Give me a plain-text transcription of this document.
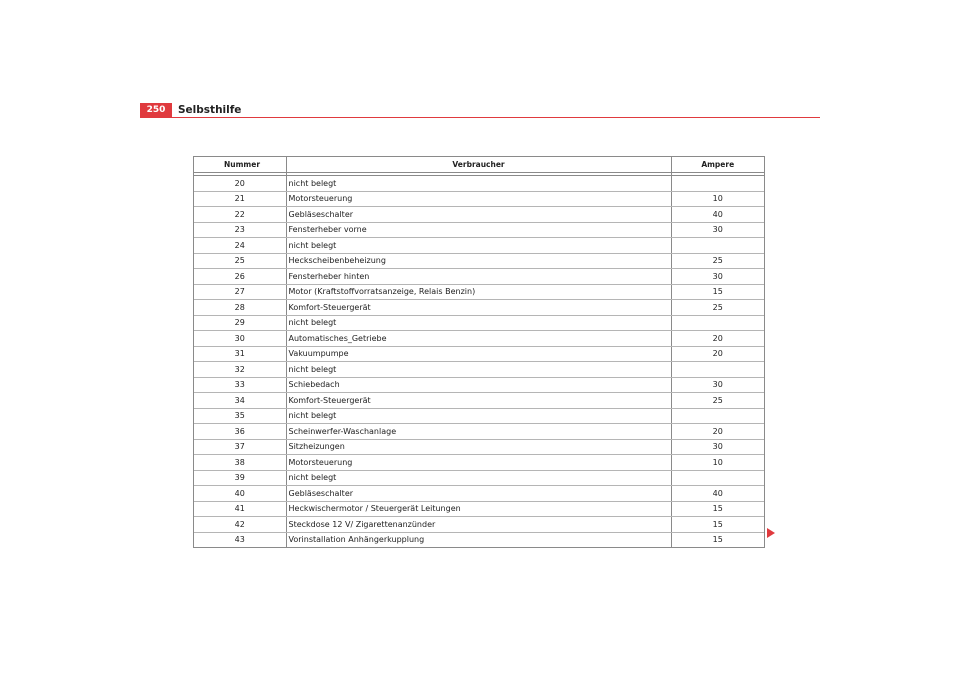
250	Selbsthilfe
Nummer	Verbraucher	Ampere

20	nicht belegt	
21	Motorsteuerung	10
22	Gebläseschalter	40
23	Fensterheber vorne	30
24	nicht belegt	
25	Heckscheibenbeheizung	25
26	Fensterheber hinten	30
27	Motor (Kraftstoffvorratsanzeige, Relais Benzin)	15
28	Komfort-Steuergerät	25
29	nicht belegt	
30	Automatisches_Getriebe	20
31	Vakuumpumpe	20
32	nicht belegt	
33	Schiebedach	30
34	Komfort-Steuergerät	25
35	nicht belegt	
36	Scheinwerfer-Waschanlage	20
37	Sitzheizungen	30
38	Motorsteuerung	10
39	nicht belegt	
40	Gebläseschalter	40
41	Heckwischermotor / Steuergerät Leitungen	15
42	Steckdose 12 V/ Zigarettenanzünder	15
43	Vorinstallation Anhängerkupplung	15
